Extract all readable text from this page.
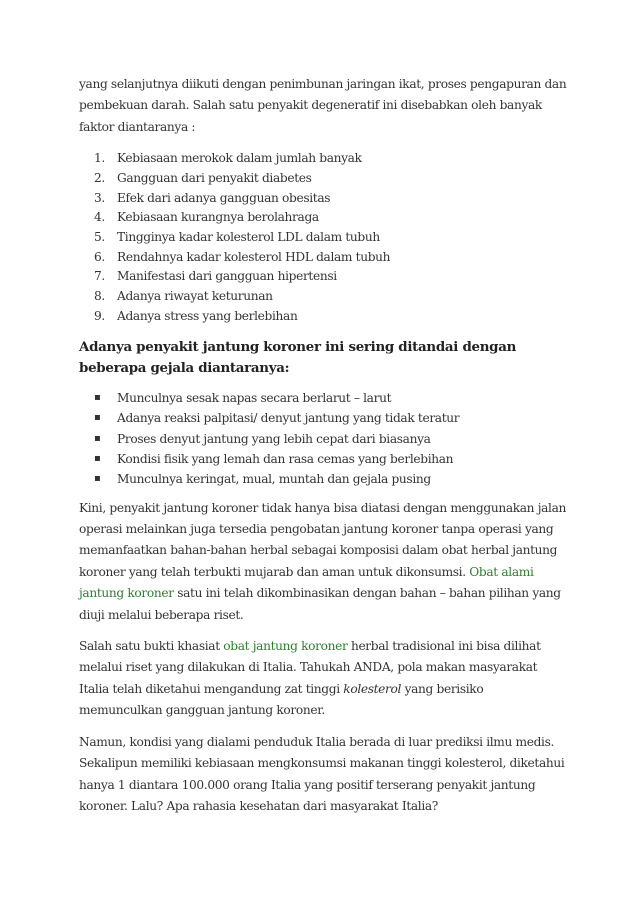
yang selanjutnya diikuti dengan penimbunan jaringan ikat, proses pengapuran dan pembekuan darah. Salah satu penyakit degeneratif ini disebabkan oleh banyak faktor diantaranya :

1. Kebiasaan merokok dalam jumlah banyak
2. Gangguan dari penyakit diabetes
3. Efek dari adanya gangguan obesitas
4. Kebiasaan kurangnya berolahraga
5. Tingginya kadar kolesterol LDL dalam tubuh
6. Rendahnya kadar kolesterol HDL dalam tubuh
7. Manifestasi dari gangguan hipertensi
8. Adanya riwayat keturunan
9. Adanya stress yang berlebihan

Adanya penyakit jantung koroner ini sering ditandai dengan beberapa gejala diantaranya:

▪ Munculnya sesak napas secara berlarut – larut
▪ Adanya reaksi palpitasi/ denyut jantung yang tidak teratur
▪ Proses denyut jantung yang lebih cepat dari biasanya
▪ Kondisi fisik yang lemah dan rasa cemas yang berlebihan
▪ Munculnya keringat, mual, muntah dan gejala pusing

Kini, penyakit jantung koroner tidak hanya bisa diatasi dengan menggunakan jalan operasi melainkan juga tersedia pengobatan jantung koroner tanpa operasi yang memanfaatkan bahan-bahan herbal sebagai komposisi dalam obat herbal jantung koroner yang telah terbukti mujarab dan aman untuk dikonsumsi. Obat alami jantung koroner satu ini telah dikombinasikan dengan bahan – bahan pilihan yang diuji melalui beberapa riset.

Salah satu bukti khasiat obat jantung koroner herbal tradisional ini bisa dilihat melalui riset yang dilakukan di Italia. Tahukah ANDA, pola makan masyarakat Italia telah diketahui mengandung zat tinggi kolesterol yang berisiko memunculkan gangguan jantung koroner.

Namun, kondisi yang dialami penduduk Italia berada di luar prediksi ilmu medis. Sekalipun memiliki kebiasaan mengkonsumsi makanan tinggi kolesterol, diketahui hanya 1 diantara 100.000 orang Italia yang positif terserang penyakit jantung koroner. Lalu? Apa rahasia kesehatan dari masyarakat Italia?
